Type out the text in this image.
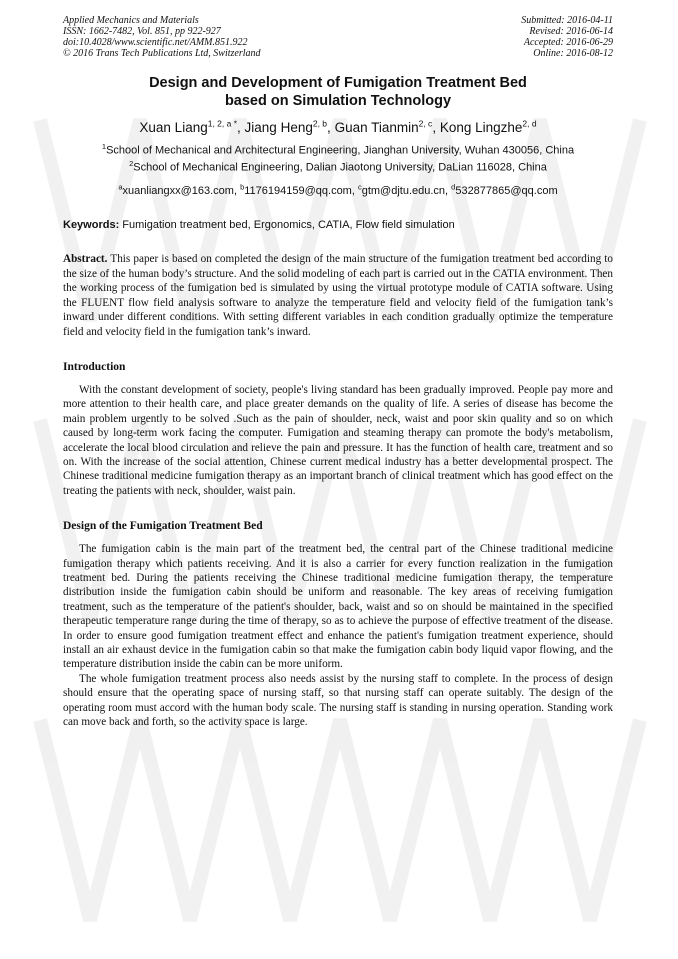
Applied Mechanics and Materials
ISSN: 1662-7482, Vol. 851, pp 922-927
doi:10.4028/www.scientific.net/AMM.851.922
© 2016 Trans Tech Publications Ltd, Switzerland
Submitted: 2016-04-11
Revised: 2016-06-14
Accepted: 2016-06-29
Online: 2016-08-12
Design and Development of Fumigation Treatment Bed
based on Simulation Technology
Xuan Liang$^{1, 2, a *}$, Jiang Heng$^{2, b}$, Guan Tianmin$^{2, c}$, Kong Lingzhe$^{2, d}$
$^1$School of Mechanical and Architectural Engineering, Jianghan University, Wuhan 430056, China
$^2$School of Mechanical Engineering, Dalian Jiaotong University, DaLian 116028, China
$^a$xuanliangxx@163.com, $^b$1176194159@qq.com, $^c$gtm@djtu.edu.cn, $^d$532877865@qq.com
Keywords: Fumigation treatment bed, Ergonomics, CATIA, Flow field simulation

Abstract. This paper is based on completed the design of the main structure of the fumigation treatment bed according to the size of the human body’s structure. And the solid modeling of each part is carried out in the CATIA environment. Then the working process of the fumigation bed is simulated by using the virtual prototype module of CATIA software. Using the FLUENT flow field analysis software to analyze the temperature field and velocity field of the fumigation tank’s inward under different conditions. With setting different variables in each condition gradually optimize the temperature field and velocity field in the fumigation tank’s inward.

Introduction

With the constant development of society, people's living standard has been gradually improved. People pay more and more attention to their health care, and place greater demands on the quality of life. A series of disease has become the main problem urgently to be solved .Such as the pain of shoulder, neck, waist and poor skin quality and so on which caused by long-term work facing the computer. Fumigation and steaming therapy can promote the body's metabolism, accelerate the local blood circulation and relieve the pain and pressure. It has the function of health care, treatment and so on. With the increase of the social attention, Chinese current medical industry has a better developmental prospect. The Chinese traditional medicine fumigation therapy as an important branch of clinical treatment which has good effect on the treating the patients with neck, shoulder, waist pain.

Design of the Fumigation Treatment Bed

The fumigation cabin is the main part of the treatment bed, the central part of the Chinese traditional medicine fumigation therapy which patients receiving. And it is also a carrier for every function realization in the fumigation treatment bed. During the patients receiving the Chinese traditional medicine fumigation therapy, the temperature distribution inside the fumigation cabin should be uniform and reasonable. The key areas of receiving fumigation treatment, such as the temperature of the patient's shoulder, back, waist and so on should be maintained in the specified therapeutic temperature range during the time of therapy, so as to achieve the purpose of effective treatment of the disease. In order to ensure good fumigation treatment effect and enhance the patient's fumigation treatment experience, should install an air exhaust device in the fumigation cabin so that make the fumigation cabin body liquid vapor flowing, and the temperature distribution inside the cabin can be more uniform.

The whole fumigation treatment process also needs assist by the nursing staff to complete. In the process of design should ensure that the operating space of nursing staff, so that nursing staff can operate suitably. The design of the operating room must accord with the human body scale. The nursing staff is standing in nursing operation. Standing work can move back and forth, so the activity space is large.
